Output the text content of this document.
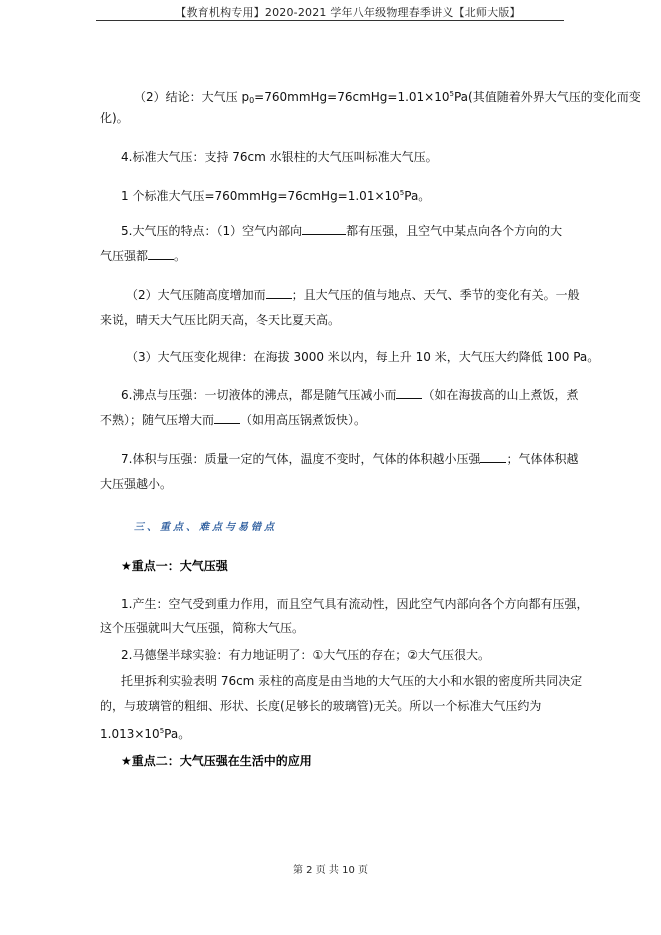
【教育机构专用】2020-2021 学年八年级物理春季讲义【北师大版】
（2）结论：大气压 $p_0=760mmHg=76cmHg=1.01\times 10^5Pa$(其值随着外界大气压的变化而变
化)。
4.标准大气压：支持 76cm 水银柱的大气压叫标准大气压。
1 个标准大气压$=760mmHg=76cmHg=1.01\times 10^5Pa$。
5.大气压的特点：（1）空气内部向	都有压强，且空气中某点向各个方向的大
气压强都 。
（2）大气压随高度增加而 ；且大气压的值与地点、天气、季节的变化有关。一般
来说，晴天大气压比阴天高，冬天比夏天高。
（3）大气压变化规律：在海拔 3000 米以内，每上升 10 米，大气压大约降低 100 Pa。
6.沸点与压强：一切液体的沸点，都是随气压减小而 （如在海拔高的山上煮饭，煮
不熟）；随气压增大而 （如用高压锅煮饭快）。
7.体积与压强：质量一定的气体，温度不变时，气体的体积越小压强 ；气体体积越
大压强越小。
三、重点、难点与易错点
★重点一：大气压强
1.产生：空气受到重力作用，而且空气具有流动性，因此空气内部向各个方向都有压强，
这个压强就叫大气压强，简称大气压。
2.马德堡半球实验：有力地证明了：①大气压的存在；②大气压很大。
托里拆利实验表明 76cm 汞柱的高度是由当地的大气压的大小和水银的密度所共同决定
的，与玻璃管的粗细、形状、长度(足够长的玻璃管)无关。所以一个标准大气压约为
$1.013\times 10^5Pa$。
★重点二：大气压强在生活中的应用
第 2 页 共 10 页
